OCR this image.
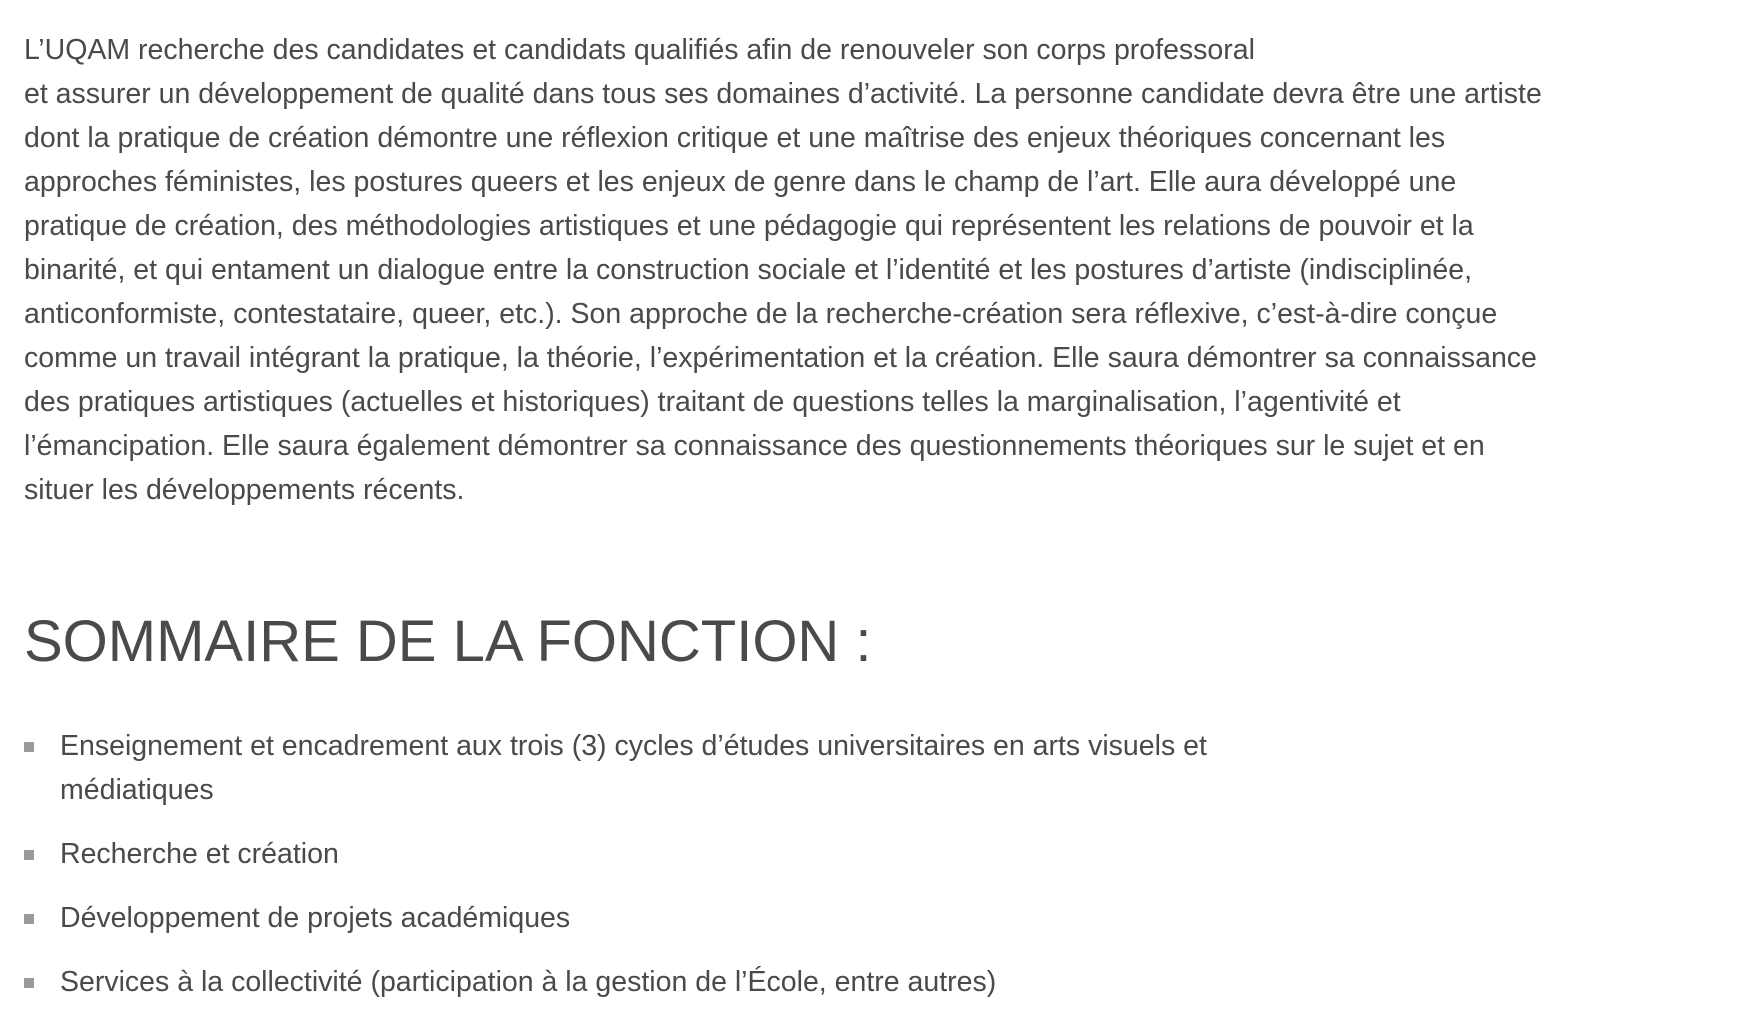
L’UQAM recherche des candidates et candidats qualifiés afin de renouveler son corps professoral

et assurer un développement de qualité dans tous ses domaines d’activité. La personne candidate devra être une artiste

dont la pratique de création démontre une réflexion critique et une maîtrise des enjeux théoriques concernant les

approches féministes, les postures queers et les enjeux de genre dans le champ de l’art. Elle aura développé une

pratique de création, des méthodologies artistiques et une pédagogie qui représentent les relations de pouvoir et la

binarité, et qui entament un dialogue entre la construction sociale et l’identité et les postures d’artiste (indisciplinée,

anticonformiste, contestataire, queer, etc.). Son approche de la recherche-création sera réflexive, c’est-à-dire conçue

comme un travail intégrant la pratique, la théorie, l’expérimentation et la création. Elle saura démontrer sa connaissance

des pratiques artistiques (actuelles et historiques) traitant de questions telles la marginalisation, l’agentivité et

l’émancipation. Elle saura également démontrer sa connaissance des questionnements théoriques sur le sujet et en

situer les développements récents.

SOMMAIRE DE LA FONCTION :
Enseignement et encadrement aux trois (3) cycles d’études universitaires en arts visuels et
médiatiques
Recherche et création
Développement de projets académiques
Services à la collectivité (participation à la gestion de l’École, entre autres)
